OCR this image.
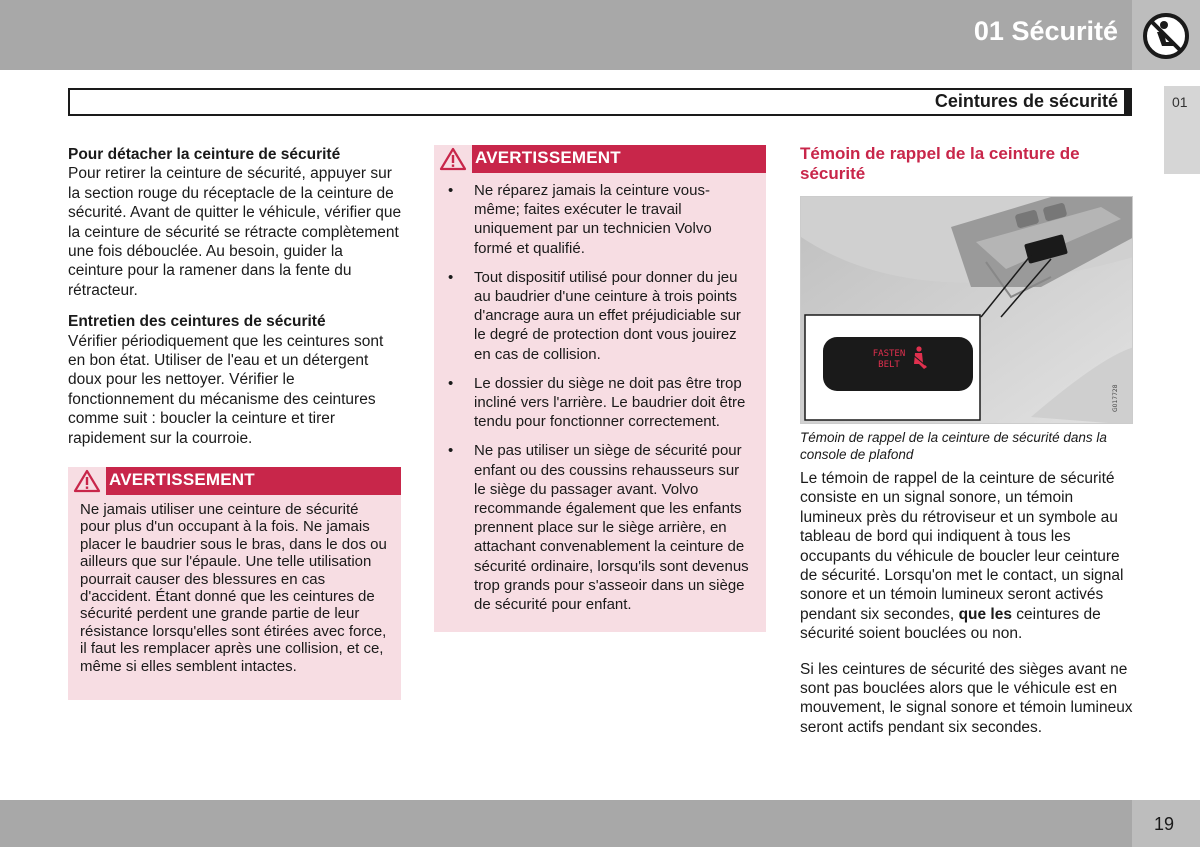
01 Sécurité
Ceintures de sécurité	01
Pour détacher la ceinture de sécurité

Pour retirer la ceinture de sécurité, appuyer sur la section rouge du réceptacle de la ceinture de sécurité. Avant de quitter le véhicule, vérifier que la ceinture de sécurité se rétracte complètement une fois débouclée. Au besoin, guider la ceinture pour la ramener dans la fente du rétracteur.

Entretien des ceintures de sécurité

Vérifier périodiquement que les ceintures sont en bon état. Utiliser de l'eau et un détergent doux pour les nettoyer. Vérifier le fonctionnement du mécanisme des ceintures comme suit : boucler la ceinture et tirer rapidement sur la courroie.

AVERTISSEMENT
Ne jamais utiliser une ceinture de sécurité pour plus d'un occupant à la fois. Ne jamais placer le baudrier sous le bras, dans le dos ou ailleurs que sur l'épaule. Une telle utilisation pourrait causer des blessures en cas d'accident. Étant donné que les ceintures de sécurité perdent une grande partie de leur résistance lorsqu'elles sont étirées avec force, il faut les remplacer après une collision, et ce, même si elles semblent intactes.
AVERTISSEMENT
• Ne réparez jamais la ceinture vous-même; faites exécuter le travail uniquement par un technicien Volvo formé et qualifié.
• Tout dispositif utilisé pour donner du jeu au baudrier d'une ceinture à trois points d'ancrage aura un effet préjudiciable sur le degré de protection dont vous jouirez en cas de collision.
• Le dossier du siège ne doit pas être trop incliné vers l'arrière. Le baudrier doit être tendu pour fonctionner correctement.
• Ne pas utiliser un siège de sécurité pour enfant ou des coussins rehausseurs sur le siège du passager avant. Volvo recommande également que les enfants prennent place sur le siège arrière, en attachant convenablement la ceinture de sécurité ordinaire, lorsqu'ils sont devenus trop grands pour s'asseoir dans un siège de sécurité pour enfant.
Témoin de rappel de la ceinture de sécurité
FASTEN
BELT
G017728
Témoin de rappel de la ceinture de sécurité dans la console de plafond

Le témoin de rappel de la ceinture de sécurité consiste en un signal sonore, un témoin lumineux près du rétroviseur et un symbole au tableau de bord qui indiquent à tous les occupants du véhicule de boucler leur ceinture de sécurité. Lorsqu'on met le contact, un signal sonore et un témoin lumineux seront activés pendant six secondes, que les ceintures de sécurité soient bouclées ou non.

Si les ceintures de sécurité des sièges avant ne sont pas bouclées alors que le véhicule est en mouvement, le signal sonore et témoin lumineux seront actifs pendant six secondes.

19
